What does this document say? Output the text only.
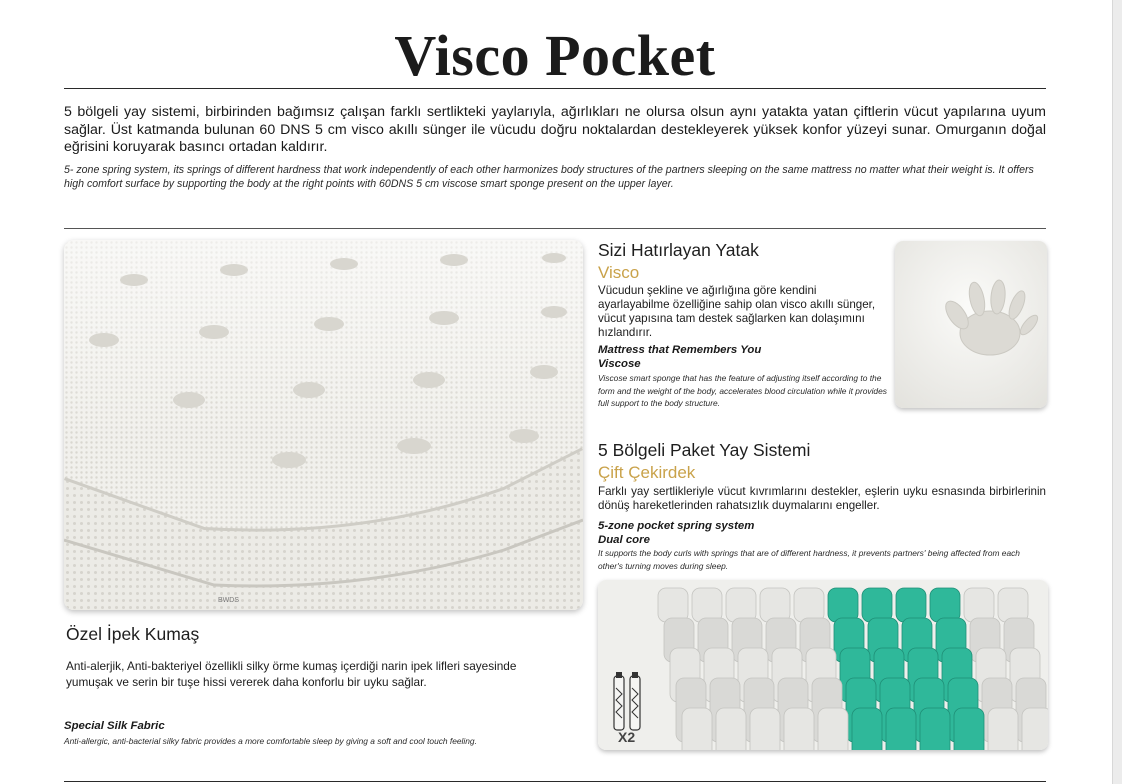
Visco Pocket

5 bölgeli yay sistemi, birbirinden bağımsız çalışan farklı sertlikteki yaylarıyla, ağırlıkları ne olursa olsun aynı yatakta yatan çiftlerin vücut yapılarına uyum sağlar. Üst katmanda bulunan 60 DNS 5 cm visco akıllı sünger ile vücudu doğru noktalardan destekleyerek yüksek konfor yüzeyi sunar. Omurganın doğal eğrisini koruyarak basıncı ortadan kaldırır.

5- zone spring system, its springs of different hardness that work independently of each other harmonizes body structures of the partners sleeping on the same mattress no matter what their weight is. It offers high comfort surface by supporting the body at the right points with 60DNS 5 cm viscose smart sponge present on the upper layer.

BWDS
Sizi Hatırlayan Yatak
Visco

Vücudun şekline ve ağırlığına göre kendini ayarlayabilme özelliğine sahip olan visco akıllı sünger, vücut yapısına tam destek sağlarken kan dolaşımını hızlandırır.

Mattress that Remembers You
Viscose

Viscose smart sponge that has the feature of adjusting itself according to the form and the weight of the body, accelerates blood circulation while it provides full support to the body structure.

5 Bölgeli Paket Yay Sistemi
Çift Çekirdek

Farklı yay sertlikleriyle vücut kıvrımlarını destekler, eşlerin uyku esnasında birbirlerinin dönüş hareketlerinden rahatsızlık duymalarını engeller.

5-zone pocket spring system
Dual core

It supports the body curls with springs that are of different hardness, it prevents partners' being affected from each other's turning moves during sleep.

X2
Özel İpek Kumaş

Anti-alerjik, Anti-bakteriyel özellikli silky örme kumaş içerdiği narin ipek lifleri sayesinde yumuşak ve serin bir tuşe hissi vererek daha konforlu bir uyku sağlar.

Special Silk Fabric

Anti-allergic, anti-bacterial silky fabric provides a more comfortable sleep by giving a soft and cool touch feeling.
